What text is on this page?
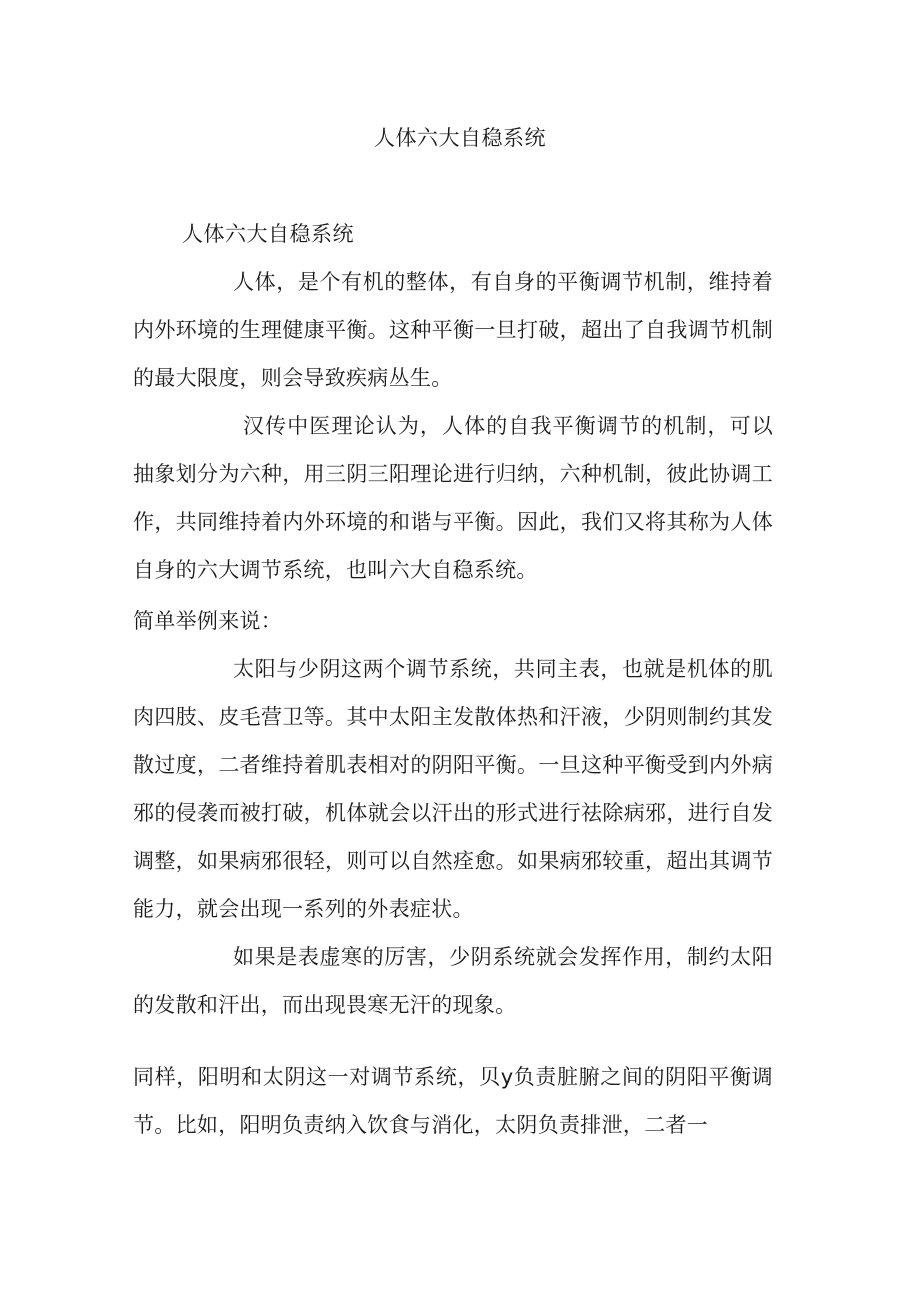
人体六大自稳系统
人体六大自稳系统

人体，是个有机的整体，有自身的平衡调节机制，维持着内外环境的生理健康平衡。这种平衡一旦打破，超出了自我调节机制的最大限度，则会导致疾病丛生。

汉传中医理论认为，人体的自我平衡调节的机制，可以抽象划分为六种，用三阴三阳理论进行归纳，六种机制，彼此协调工作，共同维持着内外环境的和谐与平衡。因此，我们又将其称为人体自身的六大调节系统，也叫六大自稳系统。

简单举例来说：

太阳与少阴这两个调节系统，共同主表，也就是机体的肌肉四肢、皮毛营卫等。其中太阳主发散体热和汗液，少阴则制约其发散过度，二者维持着肌表相对的阴阳平衡。一旦这种平衡受到内外病邪的侵袭而被打破，机体就会以汗出的形式进行祛除病邪，进行自发调整，如果病邪很轻，则可以自然痊愈。如果病邪较重，超出其调节能力，就会出现一系列的外表症状。

如果是表虚寒的厉害，少阴系统就会发挥作用，制约太阳的发散和汗出，而出现畏寒无汗的现象。

同样，阳明和太阴这一对调节系统，贝y负责脏腑之间的阴阳平衡调节。比如，阳明负责纳入饮食与消化，太阴负责排泄，二者一
